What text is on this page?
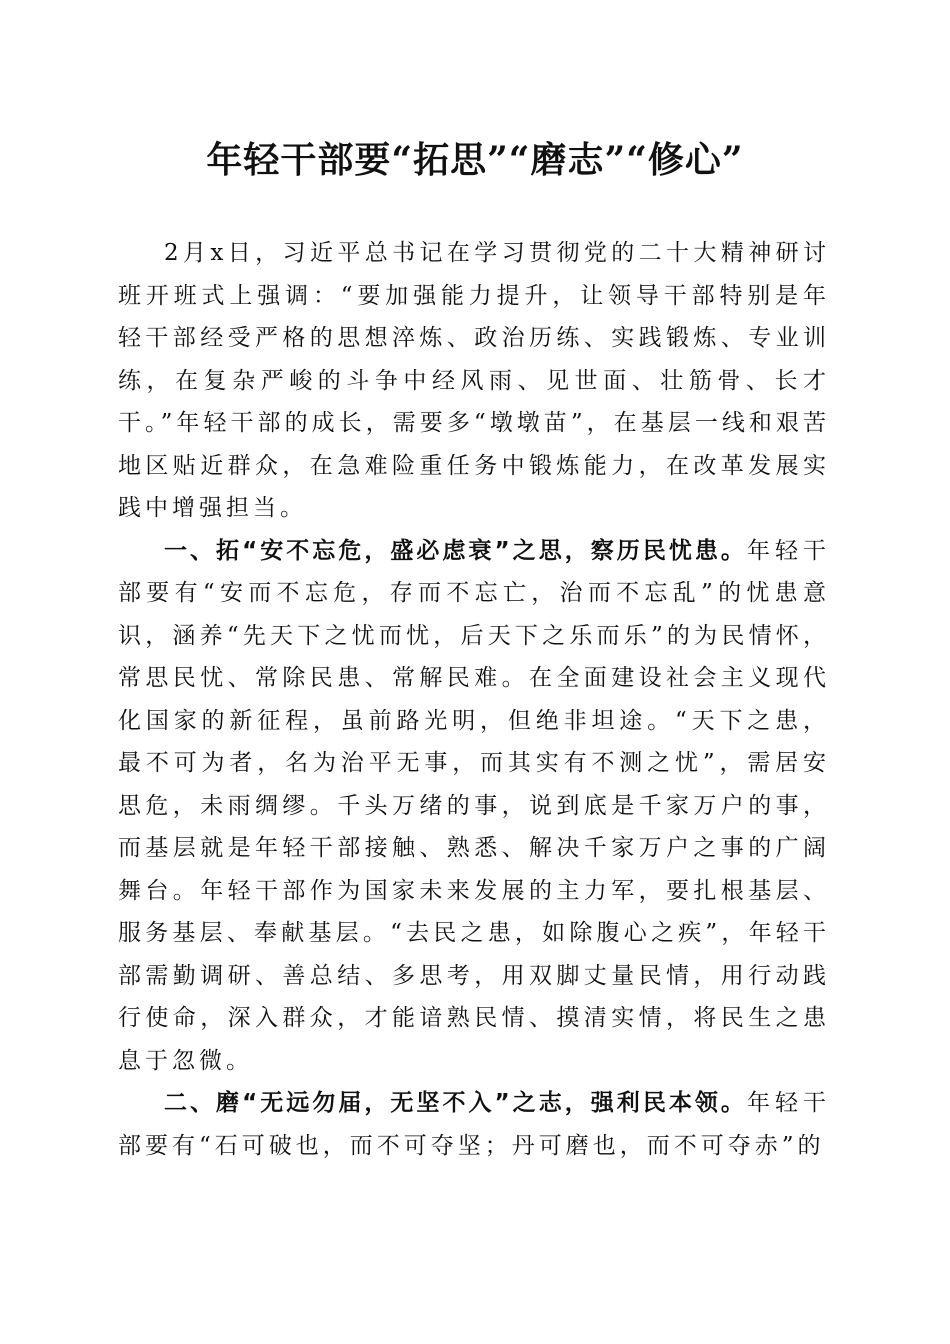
年轻干部要“拓思”“磨志”“修心”

2月x日，习近平总书记在学习贯彻党的二十大精神研讨班开班式上强调：“要加强能力提升，让领导干部特别是年轻干部经受严格的思想淬炼、政治历练、实践锻炼、专业训练，在复杂严峻的斗争中经风雨、见世面、壮筋骨、长才干。”年轻干部的成长，需要多“墩墩苗”，在基层一线和艰苦地区贴近群众，在急难险重任务中锻炼能力，在改革发展实践中增强担当。

一、拓“安不忘危，盛必虑衰”之思，察历民忧患。年轻干部要有“安而不忘危，存而不忘亡，治而不忘乱”的忧患意识，涵养“先天下之忧而忧，后天下之乐而乐”的为民情怀，常思民忧、常除民患、常解民难。在全面建设社会主义现代化国家的新征程，虽前路光明，但绝非坦途。“天下之患，最不可为者，名为治平无事，而其实有不测之忧”，需居安思危，未雨绸缪。千头万绪的事，说到底是千家万户的事，而基层就是年轻干部接触、熟悉、解决千家万户之事的广阔舞台。年轻干部作为国家未来发展的主力军，要扎根基层、服务基层、奉献基层。“去民之患，如除腹心之疾”，年轻干部需勤调研、善总结、多思考，用双脚丈量民情，用行动践行使命，深入群众，才能谙熟民情、摸清实情，将民生之患息于忽微。

二、磨“无远勿届，无坚不入”之志，强利民本领。年轻干部要有“石可破也，而不可夺坚；丹可磨也，而不可夺赤”的
